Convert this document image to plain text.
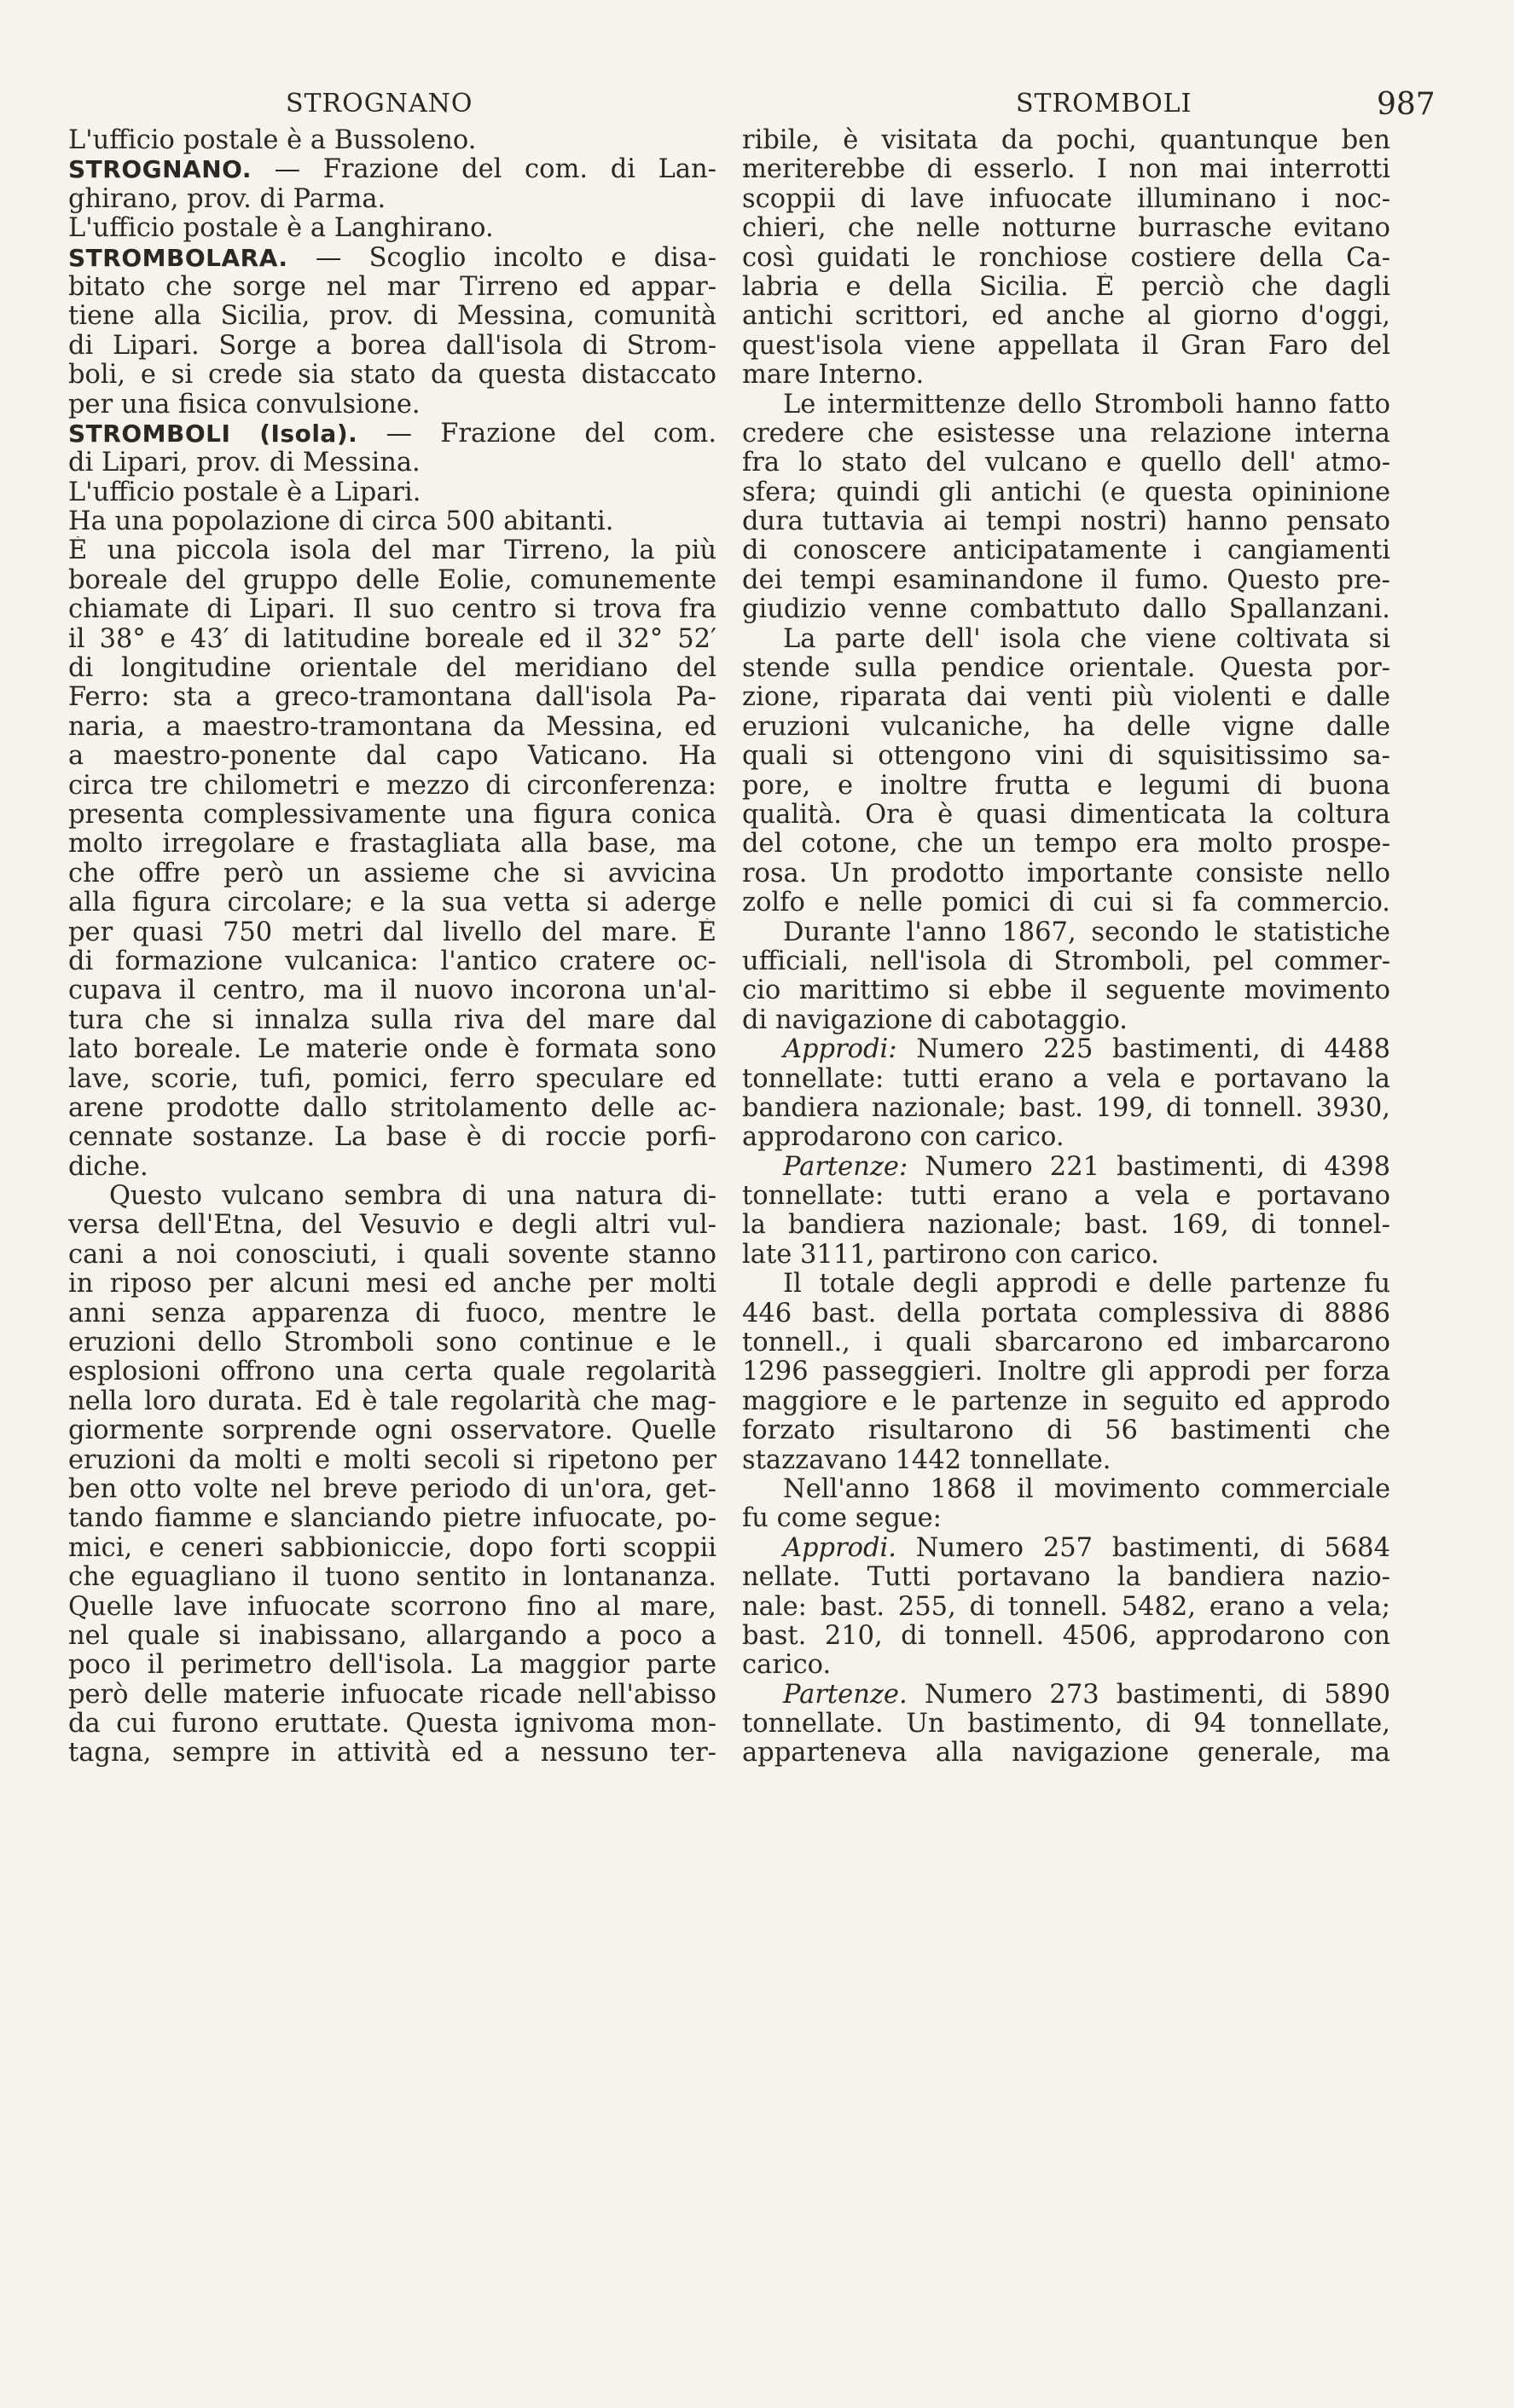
STROGNANO	STROMBOLI	987
L'ufficio postale è a Bussoleno.
STROGNANO. — Frazione del com. di Lan-
ghirano, prov. di Parma.
L'ufficio postale è a Langhirano.
STROMBOLARA. — Scoglio incolto e disa-
bitato che sorge nel mar Tirreno ed appar-
tiene alla Sicilia, prov. di Messina, comunità
di Lipari. Sorge a borea dall'isola di Strom-
boli, e si crede sia stato da questa distaccato
per una fisica convulsione.
STROMBOLI (Isola). — Frazione del com.
di Lipari, prov. di Messina.
L'ufficio postale è a Lipari.
Ha una popolazione di circa 500 abitanti.
È una piccola isola del mar Tirreno, la più
boreale del gruppo delle Eolie, comunemente
chiamate di Lipari. Il suo centro si trova fra
il 38° e 43′ di latitudine boreale ed il 32° 52′
di longitudine orientale del meridiano del
Ferro: sta a greco-tramontana dall'isola Pa-
naria, a maestro-tramontana da Messina, ed
a maestro-ponente dal capo Vaticano. Ha
circa tre chilometri e mezzo di circonferenza:
presenta complessivamente una figura conica
molto irregolare e frastagliata alla base, ma
che offre però un assieme che si avvicina
alla figura circolare; e la sua vetta si aderge
per quasi 750 metri dal livello del mare. È
di formazione vulcanica: l'antico cratere oc-
cupava il centro, ma il nuovo incorona un'al-
tura che si innalza sulla riva del mare dal
lato boreale. Le materie onde è formata sono
lave, scorie, tufi, pomici, ferro speculare ed
arene prodotte dallo stritolamento delle ac-
cennate sostanze. La base è di roccie porfi-
diche.
Questo vulcano sembra di una natura di-
versa dell'Etna, del Vesuvio e degli altri vul-
cani a noi conosciuti, i quali sovente stanno
in riposo per alcuni mesi ed anche per molti
anni senza apparenza di fuoco, mentre le
eruzioni dello Stromboli sono continue e le
esplosioni offrono una certa quale regolarità
nella loro durata. Ed è tale regolarità che mag-
giormente sorprende ogni osservatore. Quelle
eruzioni da molti e molti secoli si ripetono per
ben otto volte nel breve periodo di un'ora, get-
tando fiamme e slanciando pietre infuocate, po-
mici, e ceneri sabbioniccie, dopo forti scoppii
che eguagliano il tuono sentito in lontananza.
Quelle lave infuocate scorrono fino al mare,
nel quale si inabissano, allargando a poco a
poco il perimetro dell'isola. La maggior parte
però delle materie infuocate ricade nell'abisso
da cui furono eruttate. Questa ignivoma mon-
tagna, sempre in attività ed a nessuno ter-
ribile, è visitata da pochi, quantunque ben
meriterebbe di esserlo. I non mai interrotti
scoppii di lave infuocate illuminano i noc-
chieri, che nelle notturne burrasche evitano
così guidati le ronchiose costiere della Ca-
labria e della Sicilia. È perciò che dagli
antichi scrittori, ed anche al giorno d'oggi,
quest'isola viene appellata il Gran Faro del
mare Interno.
Le intermittenze dello Stromboli hanno fatto
credere che esistesse una relazione interna
fra lo stato del vulcano e quello dell' atmo-
sfera; quindi gli antichi (e questa opininione
dura tuttavia ai tempi nostri) hanno pensato
di conoscere anticipatamente i cangiamenti
dei tempi esaminandone il fumo. Questo pre-
giudizio venne combattuto dallo Spallanzani.
La parte dell' isola che viene coltivata si
stende sulla pendice orientale. Questa por-
zione, riparata dai venti più violenti e dalle
eruzioni vulcaniche, ha delle vigne dalle
quali si ottengono vini di squisitissimo sa-
pore, e inoltre frutta e legumi di buona
qualità. Ora è quasi dimenticata la coltura
del cotone, che un tempo era molto prospe-
rosa. Un prodotto importante consiste nello
zolfo e nelle pomici di cui si fa commercio.
Durante l'anno 1867, secondo le statistiche
ufficiali, nell'isola di Stromboli, pel commer-
cio marittimo si ebbe il seguente movimento
di navigazione di cabotaggio.
Approdi: Numero 225 bastimenti, di 4488
tonnellate: tutti erano a vela e portavano la
bandiera nazionale; bast. 199, di tonnell. 3930,
approdarono con carico.
Partenze: Numero 221 bastimenti, di 4398
tonnellate: tutti erano a vela e portavano
la bandiera nazionale; bast. 169, di tonnel-
late 3111, partirono con carico.
Il totale degli approdi e delle partenze fu
446 bast. della portata complessiva di 8886
tonnell., i quali sbarcarono ed imbarcarono
1296 passeggieri. Inoltre gli approdi per forza
maggiore e le partenze in seguito ed approdo
forzato risultarono di 56 bastimenti che
stazzavano 1442 tonnellate.
Nell'anno 1868 il movimento commerciale
fu come segue:
Approdi. Numero 257 bastimenti, di 5684
nellate. Tutti portavano la bandiera nazio-
nale: bast. 255, di tonnell. 5482, erano a vela;
bast. 210, di tonnell. 4506, approdarono con
carico.
Partenze. Numero 273 bastimenti, di 5890
tonnellate. Un bastimento, di 94 tonnellate,
apparteneva alla navigazione generale, ma
